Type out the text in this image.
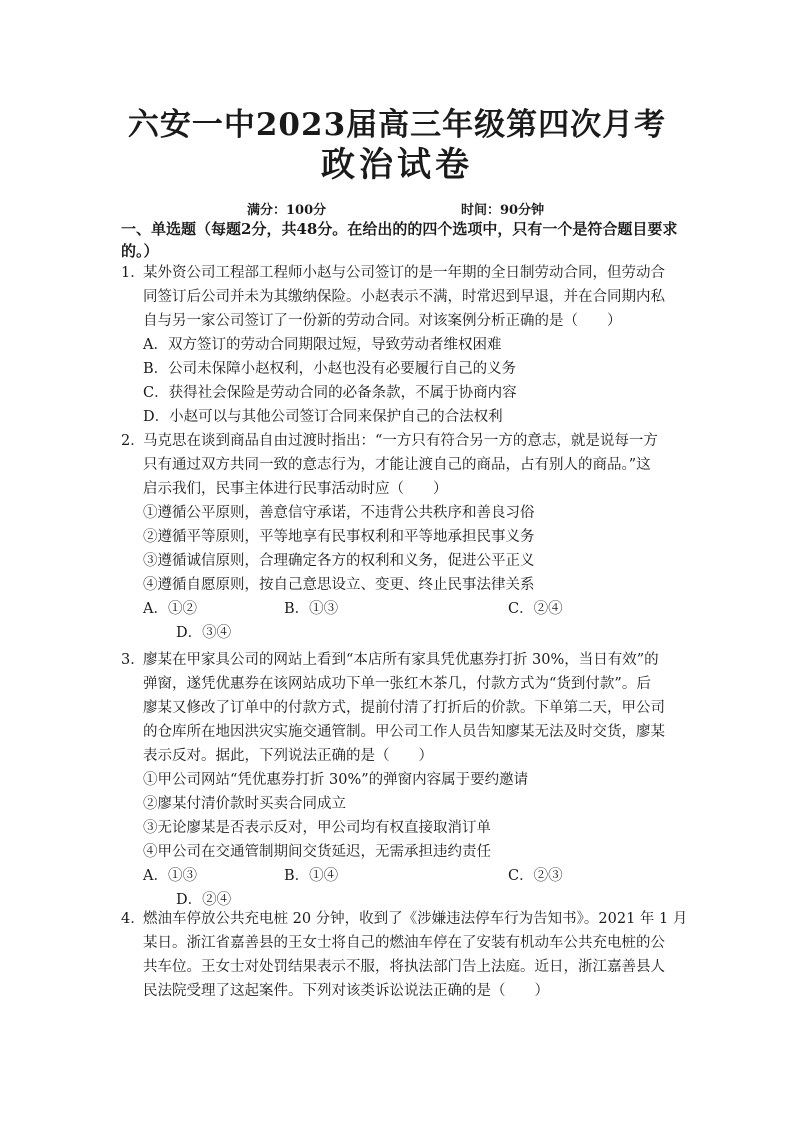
六安一中2023届高三年级第四次月考
政治试卷
满分：100分	时间：90分钟
一、单选题（每题2分，共48分。在给出的的四个选项中，只有一个是符合题目要求
的。）
1．
某外资公司工程部工程师小赵与公司签订的是一年期的全日制劳动合同，但劳动合
同签订后公司并未为其缴纳保险。小赵表示不满，时常迟到早退，并在合同期内私
自与另一家公司签订了一份新的劳动合同。对该案例分析正确的是（　　）
A．双方签订的劳动合同期限过短，导致劳动者维权困难
B．公司未保障小赵权利，小赵也没有必要履行自己的义务
C．获得社会保险是劳动合同的必备条款，不属于协商内容
D．小赵可以与其他公司签订合同来保护自己的合法权利
2．
马克思在谈到商品自由过渡时指出：“一方只有符合另一方的意志，就是说每一方
只有通过双方共同一致的意志行为，才能让渡自己的商品，占有别人的商品。”这
启示我们，民事主体进行民事活动时应（　　）
①遵循公平原则，善意信守承诺，不违背公共秩序和善良习俗
②遵循平等原则，平等地享有民事权利和平等地承担民事义务
③遵循诚信原则，合理确定各方的权利和义务，促进公平正义
④遵循自愿原则，按自己意思设立、变更、终止民事法律关系
A．①②	B．①③	C．②④
D．③④
3．
廖某在甲家具公司的网站上看到“本店所有家具凭优惠券打折 30%，当日有效”的
弹窗，遂凭优惠券在该网站成功下单一张红木茶几，付款方式为“货到付款”。后
廖某又修改了订单中的付款方式，提前付清了打折后的价款。下单第二天，甲公司
的仓库所在地因洪灾实施交通管制。甲公司工作人员告知廖某无法及时交货，廖某
表示反对。据此，下列说法正确的是（　　）
①甲公司网站“凭优惠券打折 30%”的弹窗内容属于要约邀请
②廖某付清价款时买卖合同成立
③无论廖某是否表示反对，甲公司均有权直接取消订单
④甲公司在交通管制期间交货延迟，无需承担违约责任
A．①③	B．①④	C．②③
D．②④
4．
燃油车停放公共充电桩 20 分钟，收到了《涉嫌违法停车行为告知书》。2021 年 1 月
某日。浙江省嘉善县的王女士将自己的燃油车停在了安装有机动车公共充电桩的公
共车位。王女士对处罚结果表示不服，将执法部门告上法庭。近日，浙江嘉善县人
民法院受理了这起案件。下列对该类诉讼说法正确的是（　　）
